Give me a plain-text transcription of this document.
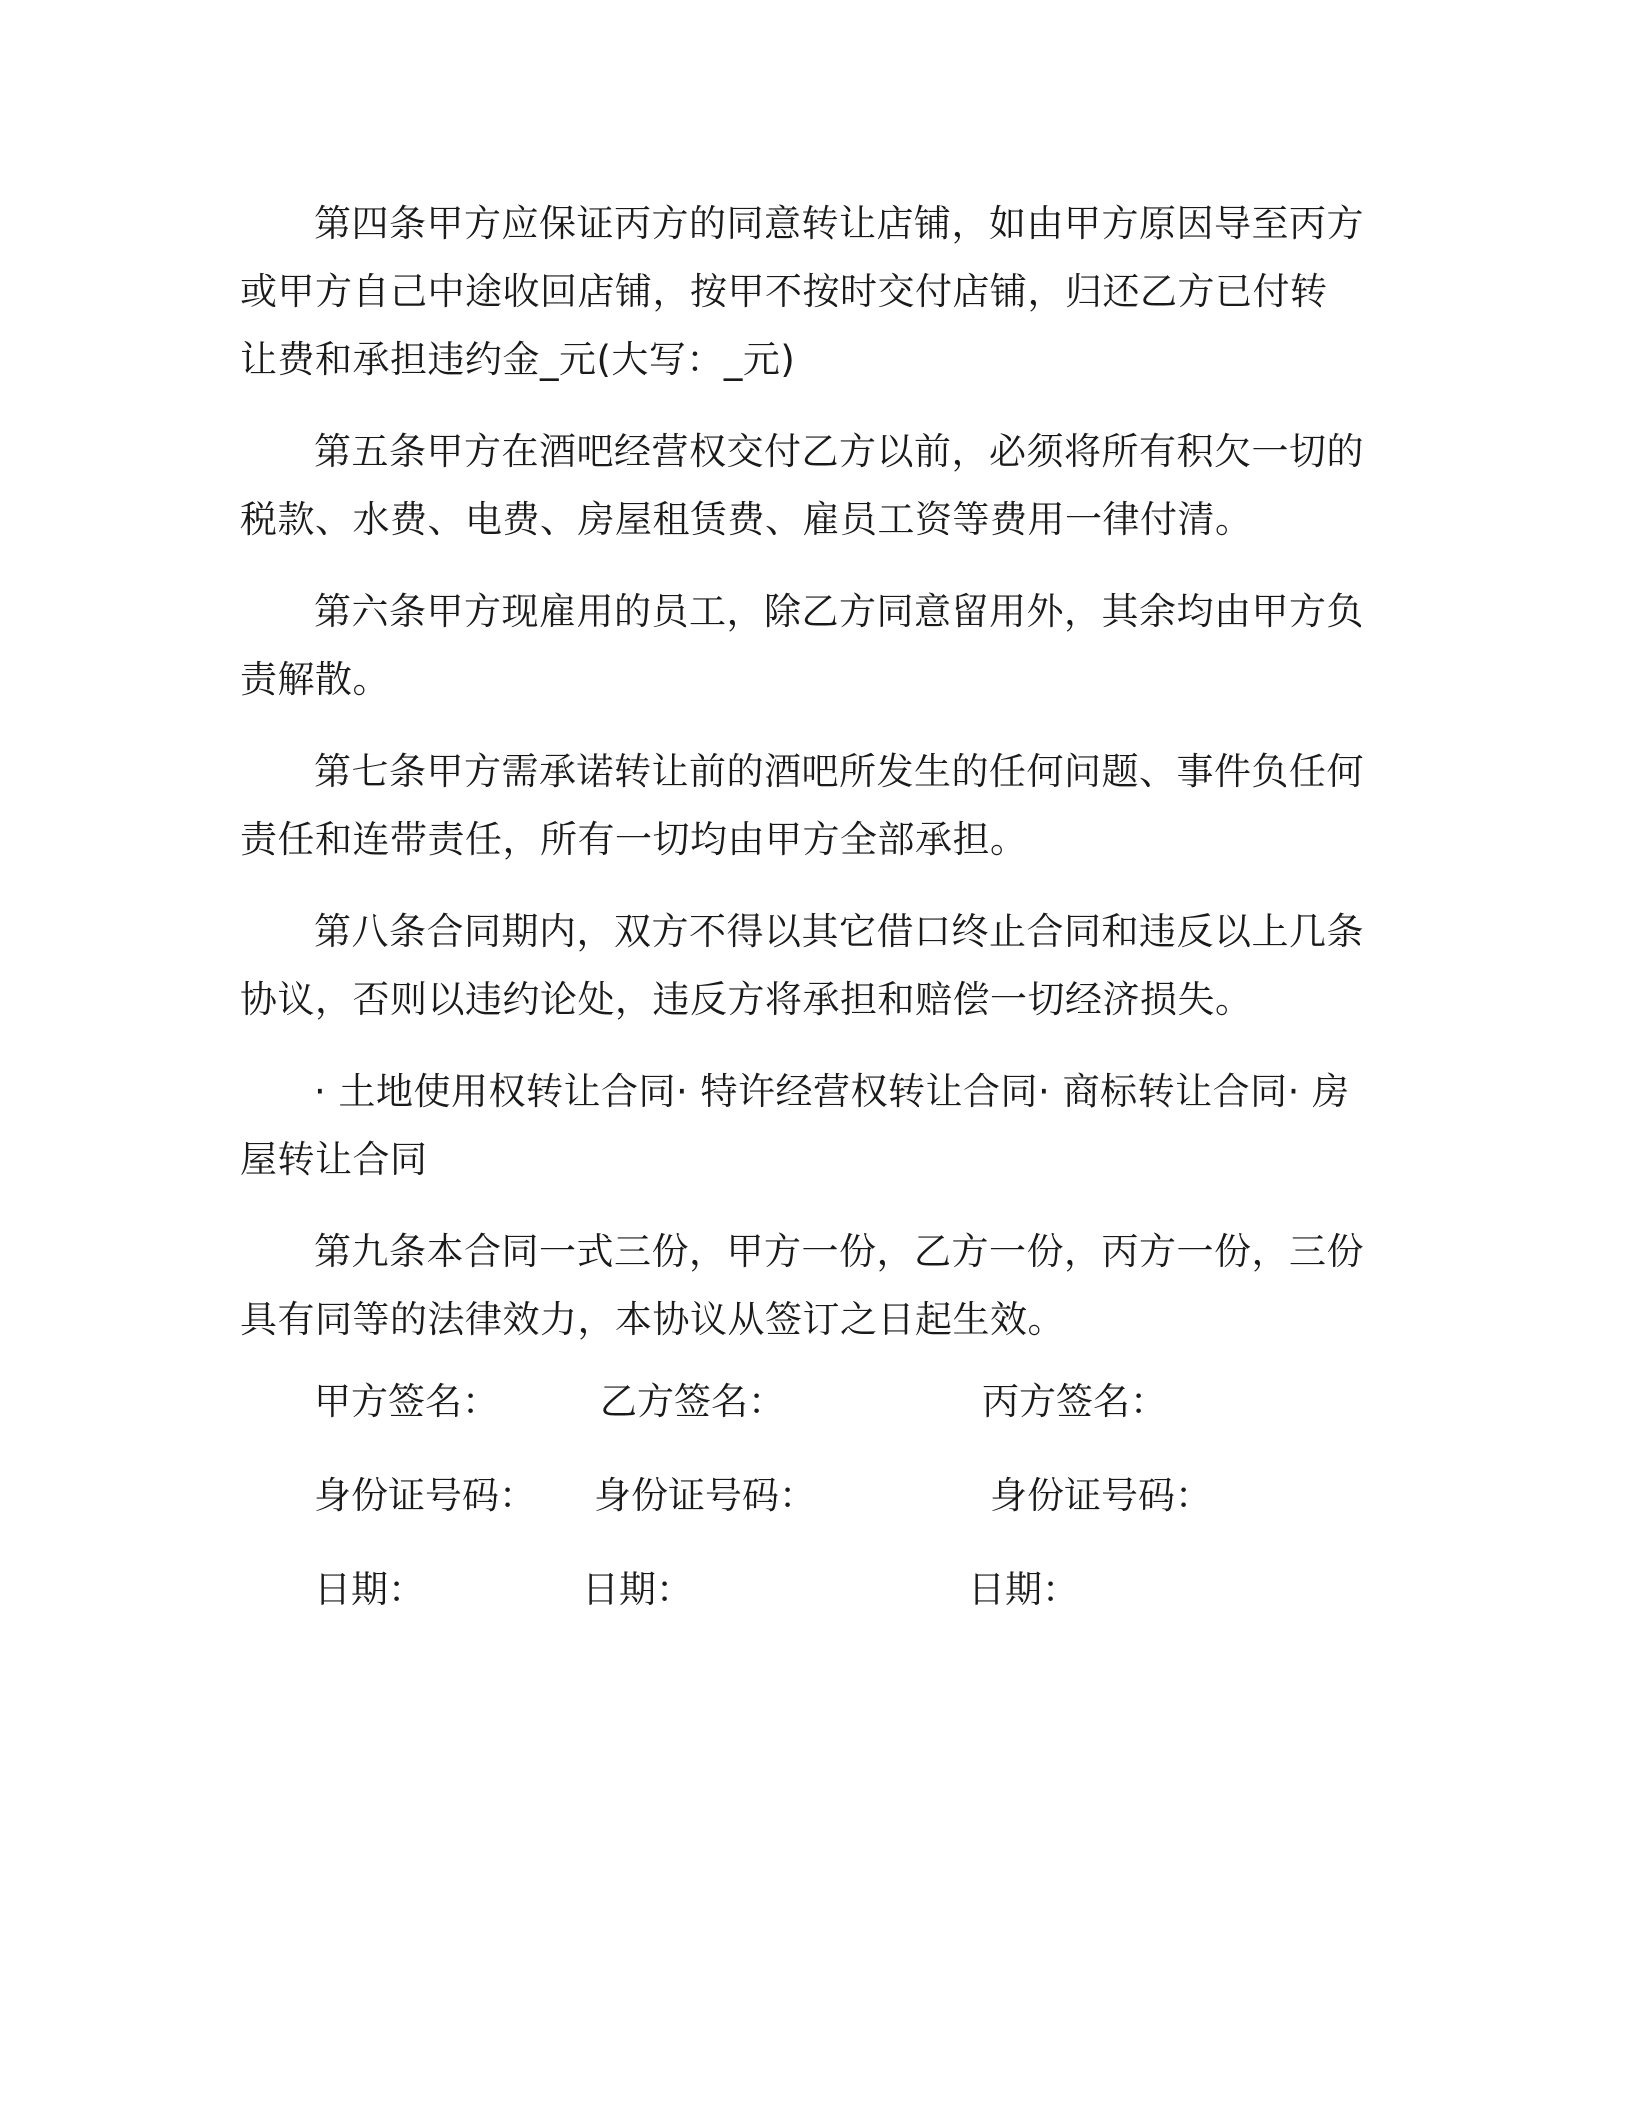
第四条甲方应保证丙方的同意转让店铺，如由甲方原因导至丙方或甲方自己中途收回店铺，按甲不按时交付店铺，归还乙方已付转让费和承担违约金_元(大写：_元)

第五条甲方在酒吧经营权交付乙方以前，必须将所有积欠一切的税款、水费、电费、房屋租赁费、雇员工资等费用一律付清。

第六条甲方现雇用的员工，除乙方同意留用外，其余均由甲方负责解散。

第七条甲方需承诺转让前的酒吧所发生的任何问题、事件负任何责任和连带责任，所有一切均由甲方全部承担。

第八条合同期内，双方不得以其它借口终止合同和违反以上几条协议，否则以违约论处，违反方将承担和赔偿一切经济损失。

· 土地使用权转让合同· 特许经营权转让合同· 商标转让合同· 房屋转让合同

第九条本合同一式三份，甲方一份，乙方一份，丙方一份，三份具有同等的法律效力，本协议从签订之日起生效。

甲方签名：	乙方签名：	丙方签名：
身份证号码： 身份证号码：	身份证号码：
日期：	日期：	日期：
